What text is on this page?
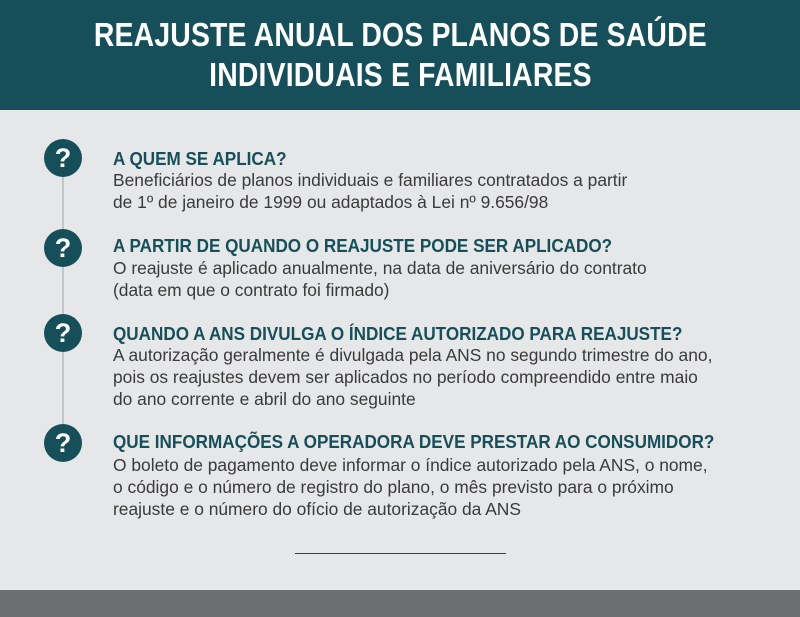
REAJUSTE ANUAL DOS PLANOS DE SAÚDE
INDIVIDUAIS E FAMILIARES
?	A QUEM SE APLICA?
Beneficiários de planos individuais e familiares contratados a partir
de 1º de janeiro de 1999 ou adaptados à Lei nº 9.656/98
?	A PARTIR DE QUANDO O REAJUSTE PODE SER APLICADO?
O reajuste é aplicado anualmente, na data de aniversário do contrato
(data em que o contrato foi firmado)
?	QUANDO A ANS DIVULGA O ÍNDICE AUTORIZADO PARA REAJUSTE?
A autorização geralmente é divulgada pela ANS no segundo trimestre do ano,
pois os reajustes devem ser aplicados no período compreendido entre maio
do ano corrente e abril do ano seguinte
?	QUE INFORMAÇÕES A OPERADORA DEVE PRESTAR AO CONSUMIDOR?
O boleto de pagamento deve informar o índice autorizado pela ANS, o nome,
o código e o número de registro do plano, o mês previsto para o próximo
reajuste e o número do ofício de autorização da ANS
